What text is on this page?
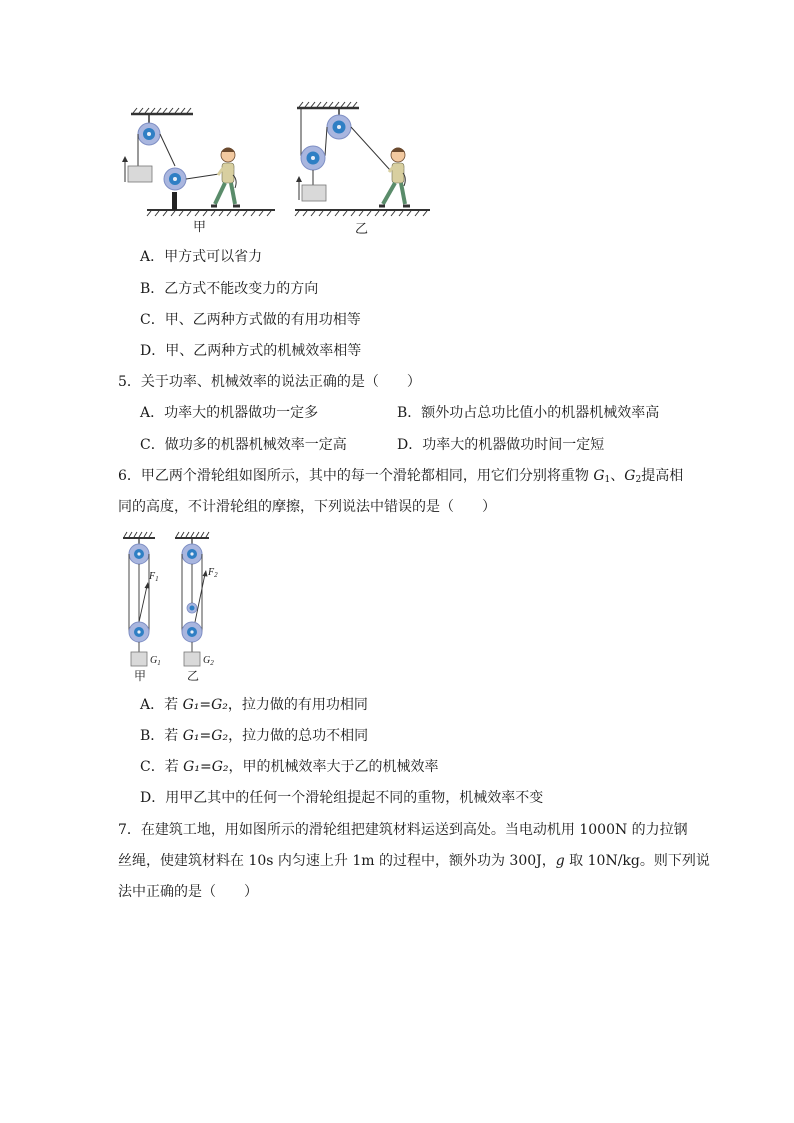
甲	乙
A．甲方式可以省力
B．乙方式不能改变力的方向
C．甲、乙两种方式做的有用功相等
D．甲、乙两种方式的机械效率相等
5．关于功率、机械效率的说法正确的是（　　）
A．功率大的机器做功一定多	B．额外功占总功比值小的机器机械效率高
C．做功多的机器机械效率一定高	D．功率大的机器做功时间一定短
6．甲乙两个滑轮组如图所示，其中的每一个滑轮都相同，用它们分别将重物 $G_1$、$G_2$提高相
同的高度，不计滑轮组的摩擦，下列说法中错误的是（　　）
$F_1$
$F_2$
$G_1$	$G_2$
甲	乙
A．若 G₁=G₂，拉力做的有用功相同
B．若 G₁=G₂，拉力做的总功不相同
C．若 G₁=G₂，甲的机械效率大于乙的机械效率
D．用甲乙其中的任何一个滑轮组提起不同的重物，机械效率不变
7．在建筑工地，用如图所示的滑轮组把建筑材料运送到高处。当电动机用 1000N 的力拉钢
丝绳，使建筑材料在 10s 内匀速上升 1m 的过程中，额外功为 300J，g 取 10N/kg。则下列说
法中正确的是（　　）
